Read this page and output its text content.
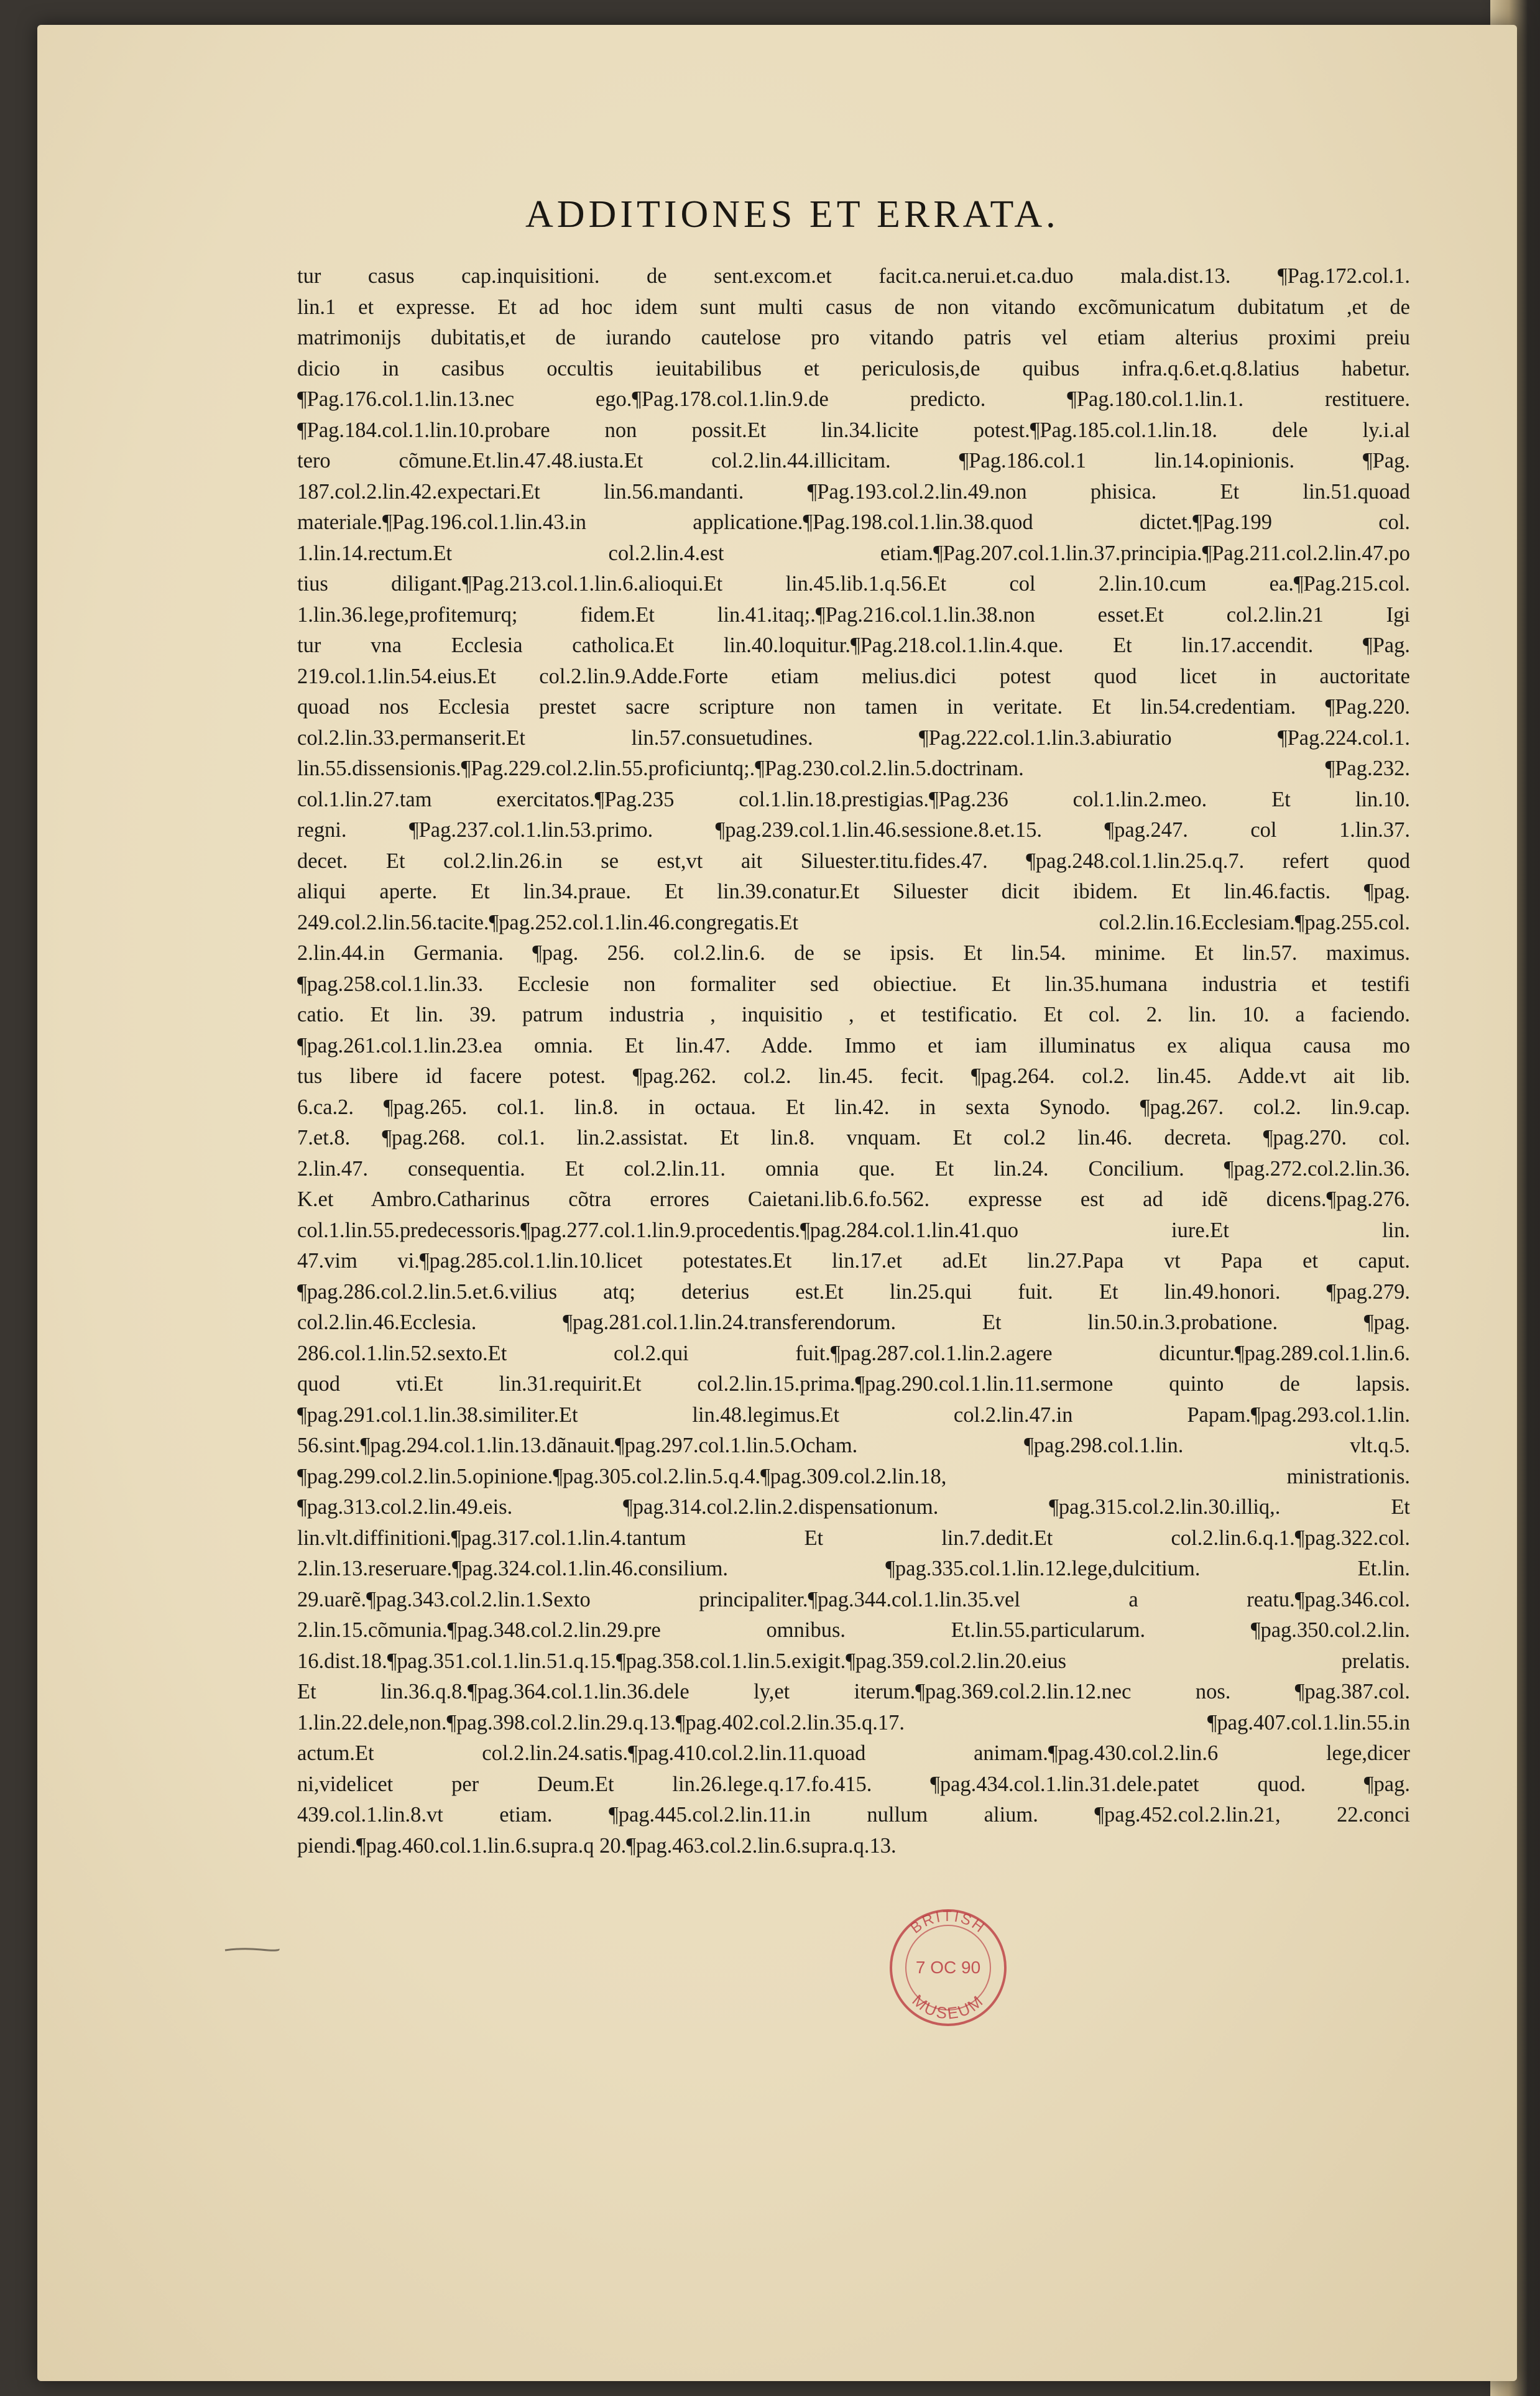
ADDITIONES ET ERRATA.
tur casus cap.inquisitioni. de sent.excom.et facit.ca.nerui.et.ca.duo mala.dist.13. ¶Pag.172.col.1.
lin.1 et expresse. Et ad hoc idem sunt multi casus de non vitando excõmunicatum dubitatum ,et de
matrimonijs dubitatis,et de iurando cautelose pro vitando patris vel etiam alterius proximi preiu
dicio in casibus occultis ieuitabilibus et periculosis,de quibus infra.q.6.et.q.8.latius habetur.
¶Pag.176.col.1.lin.13.nec ego.¶Pag.178.col.1.lin.9.de predicto. ¶Pag.180.col.1.lin.1. restituere.
¶Pag.184.col.1.lin.10.probare non possit.Et lin.34.licite potest.¶Pag.185.col.1.lin.18. dele ly.i.al
tero cõmune.Et.lin.47.48.iusta.Et col.2.lin.44.illicitam. ¶Pag.186.col.1 lin.14.opinionis. ¶Pag.
187.col.2.lin.42.expectari.Et lin.56.mandanti. ¶Pag.193.col.2.lin.49.non phisica. Et lin.51.quoad
materiale.¶Pag.196.col.1.lin.43.in applicatione.¶Pag.198.col.1.lin.38.quod dictet.¶Pag.199 col.
1.lin.14.rectum.Et col.2.lin.4.est etiam.¶Pag.207.col.1.lin.37.principia.¶Pag.211.col.2.lin.47.po
tius diligant.¶Pag.213.col.1.lin.6.alioqui.Et lin.45.lib.1.q.56.Et col 2.lin.10.cum ea.¶Pag.215.col.
1.lin.36.lege,profitemurq; fidem.Et lin.41.itaq;.¶Pag.216.col.1.lin.38.non esset.Et col.2.lin.21 Igi
tur vna Ecclesia catholica.Et lin.40.loquitur.¶Pag.218.col.1.lin.4.que. Et lin.17.accendit. ¶Pag.
219.col.1.lin.54.eius.Et col.2.lin.9.Adde.Forte etiam melius.dici potest quod licet in auctoritate
quoad nos Ecclesia prestet sacre scripture non tamen in veritate. Et lin.54.credentiam. ¶Pag.220.
col.2.lin.33.permanserit.Et lin.57.consuetudines. ¶Pag.222.col.1.lin.3.abiuratio ¶Pag.224.col.1.
lin.55.dissensionis.¶Pag.229.col.2.lin.55.proficiuntq;.¶Pag.230.col.2.lin.5.doctrinam. ¶Pag.232.
col.1.lin.27.tam exercitatos.¶Pag.235 col.1.lin.18.prestigias.¶Pag.236 col.1.lin.2.meo. Et lin.10.
regni. ¶Pag.237.col.1.lin.53.primo. ¶pag.239.col.1.lin.46.sessione.8.et.15. ¶pag.247. col 1.lin.37.
decet. Et col.2.lin.26.in se est,vt ait Siluester.titu.fides.47. ¶pag.248.col.1.lin.25.q.7. refert quod
aliqui aperte. Et lin.34.praue. Et lin.39.conatur.Et Siluester dicit ibidem. Et lin.46.factis. ¶pag.
249.col.2.lin.56.tacite.¶pag.252.col.1.lin.46.congregatis.Et col.2.lin.16.Ecclesiam.¶pag.255.col.
2.lin.44.in Germania. ¶pag. 256. col.2.lin.6. de se ipsis. Et lin.54. minime. Et lin.57. maximus.
¶pag.258.col.1.lin.33. Ecclesie non formaliter sed obiectiue. Et lin.35.humana industria et testifi
catio. Et lin. 39. patrum industria , inquisitio , et testificatio. Et col. 2. lin. 10. a faciendo.
¶pag.261.col.1.lin.23.ea omnia. Et lin.47. Adde. Immo et iam illuminatus ex aliqua causa mo
tus libere id facere potest. ¶pag.262. col.2. lin.45. fecit. ¶pag.264. col.2. lin.45. Adde.vt ait lib.
6.ca.2. ¶pag.265. col.1. lin.8. in octaua. Et lin.42. in sexta Synodo. ¶pag.267. col.2. lin.9.cap.
7.et.8. ¶pag.268. col.1. lin.2.assistat. Et lin.8. vnquam. Et col.2 lin.46. decreta. ¶pag.270. col.
2.lin.47. consequentia. Et col.2.lin.11. omnia que. Et lin.24. Concilium. ¶pag.272.col.2.lin.36.
K.et Ambro.Catharinus cõtra errores Caietani.lib.6.fo.562. expresse est ad idẽ dicens.¶pag.276.
col.1.lin.55.predecessoris.¶pag.277.col.1.lin.9.procedentis.¶pag.284.col.1.lin.41.quo iure.Et lin.
47.vim vi.¶pag.285.col.1.lin.10.licet potestates.Et lin.17.et ad.Et lin.27.Papa vt Papa et caput.
¶pag.286.col.2.lin.5.et.6.vilius atq; deterius est.Et lin.25.qui fuit. Et lin.49.honori. ¶pag.279.
col.2.lin.46.Ecclesia. ¶pag.281.col.1.lin.24.transferendorum. Et lin.50.in.3.probatione. ¶pag.
286.col.1.lin.52.sexto.Et col.2.qui fuit.¶pag.287.col.1.lin.2.agere dicuntur.¶pag.289.col.1.lin.6.
quod vti.Et lin.31.requirit.Et col.2.lin.15.prima.¶pag.290.col.1.lin.11.sermone quinto de lapsis.
¶pag.291.col.1.lin.38.similiter.Et lin.48.legimus.Et col.2.lin.47.in Papam.¶pag.293.col.1.lin.
56.sint.¶pag.294.col.1.lin.13.dãnauit.¶pag.297.col.1.lin.5.Ocham. ¶pag.298.col.1.lin. vlt.q.5.
¶pag.299.col.2.lin.5.opinione.¶pag.305.col.2.lin.5.q.4.¶pag.309.col.2.lin.18, ministrationis.
¶pag.313.col.2.lin.49.eis. ¶pag.314.col.2.lin.2.dispensationum. ¶pag.315.col.2.lin.30.illiq,. Et
lin.vlt.diffinitioni.¶pag.317.col.1.lin.4.tantum Et lin.7.dedit.Et col.2.lin.6.q.1.¶pag.322.col.
2.lin.13.reseruare.¶pag.324.col.1.lin.46.consilium. ¶pag.335.col.1.lin.12.lege,dulcitium. Et.lin.
29.uarẽ.¶pag.343.col.2.lin.1.Sexto principaliter.¶pag.344.col.1.lin.35.vel a reatu.¶pag.346.col.
2.lin.15.cõmunia.¶pag.348.col.2.lin.29.pre omnibus. Et.lin.55.particularum. ¶pag.350.col.2.lin.
16.dist.18.¶pag.351.col.1.lin.51.q.15.¶pag.358.col.1.lin.5.exigit.¶pag.359.col.2.lin.20.eius prelatis.
Et lin.36.q.8.¶pag.364.col.1.lin.36.dele ly,et iterum.¶pag.369.col.2.lin.12.nec nos. ¶pag.387.col.
1.lin.22.dele,non.¶pag.398.col.2.lin.29.q.13.¶pag.402.col.2.lin.35.q.17. ¶pag.407.col.1.lin.55.in
actum.Et col.2.lin.24.satis.¶pag.410.col.2.lin.11.quoad animam.¶pag.430.col.2.lin.6 lege,dicer
ni,videlicet per Deum.Et lin.26.lege.q.17.fo.415. ¶pag.434.col.1.lin.31.dele.patet quod. ¶pag.
439.col.1.lin.8.vt etiam. ¶pag.445.col.2.lin.11.in nullum alium. ¶pag.452.col.2.lin.21, 22.conci
piendi.¶pag.460.col.1.lin.6.supra.q 20.¶pag.463.col.2.lin.6.supra.q.13.
BRITISH
7 OC 90
MUSEUM
